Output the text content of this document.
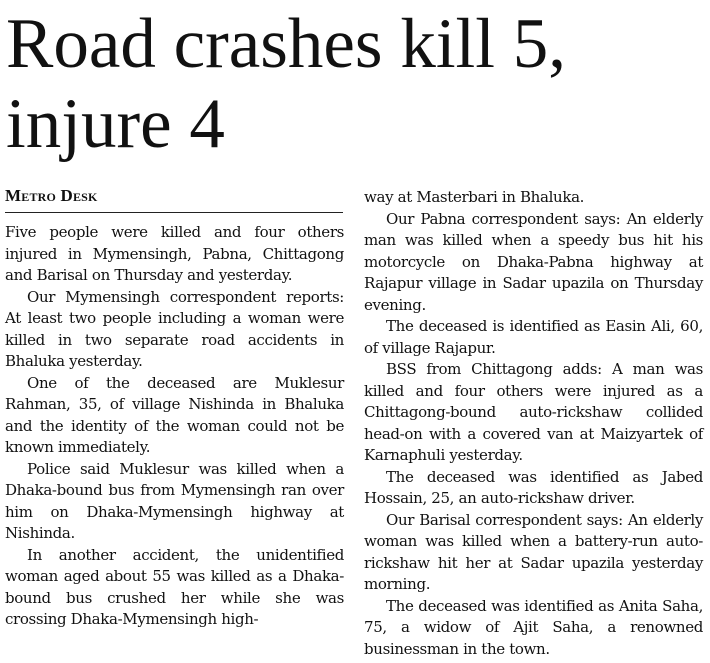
Road crashes kill 5,
injure 4
Metro Desk

Five people were killed and four others injured in Mymensingh, Pabna, Chittagong and Barisal on Thursday and yesterday.

Our Mymensingh correspondent reports: At least two people including a woman were killed in two separate road accidents in Bhaluka yesterday.

One of the deceased are Muklesur Rahman, 35, of village Nishinda in Bhaluka and the identity of the woman could not be known immediately.

Police said Muklesur was killed when a Dhaka-bound bus from Mymensingh ran over him on Dhaka-Mymensingh highway at Nishinda.

In another accident, the unidentified woman aged about 55 was killed as a Dhaka-bound bus crushed her while she was crossing Dhaka-Mymensingh high-

way at Masterbari in Bhaluka.

Our Pabna correspondent says: An elderly man was killed when a speedy bus hit his motorcycle on Dhaka-Pabna highway at Rajapur village in Sadar upazila on Thursday evening.

The deceased is identified as Easin Ali, 60, of village Rajapur.

BSS from Chittagong adds: A man was killed and four others were injured as a Chittagong-bound auto-rickshaw collided head-on with a covered van at Maizyartek of Karnaphuli yesterday.

The deceased was identified as Jabed Hossain, 25, an auto-rickshaw driver.

Our Barisal correspondent says: An elderly woman was killed when a battery-run auto-rickshaw hit her at Sadar upazila yesterday morning.

The deceased was identified as Anita Saha, 75, a widow of Ajit Saha, a renowned businessman in the town.
